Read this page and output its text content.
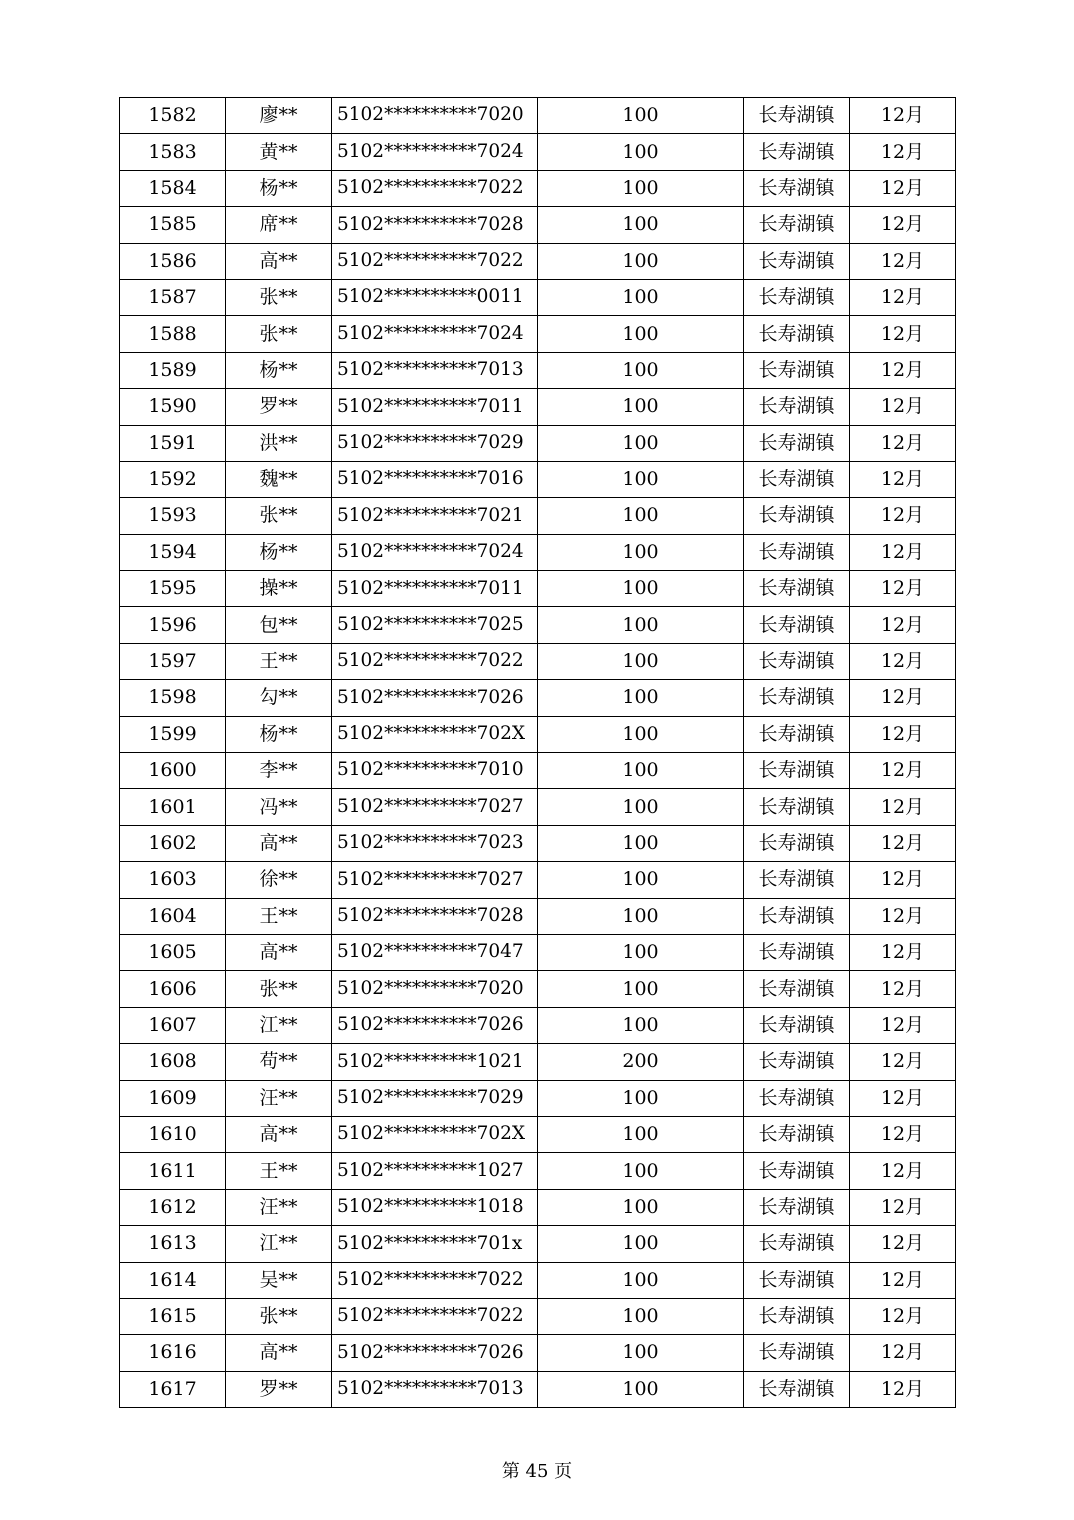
1582	廖**	5102**********7020	100	长寿湖镇	12月
1583	黄**	5102**********7024	100	长寿湖镇	12月
1584	杨**	5102**********7022	100	长寿湖镇	12月
1585	席**	5102**********7028	100	长寿湖镇	12月
1586	高**	5102**********7022	100	长寿湖镇	12月
1587	张**	5102**********0011	100	长寿湖镇	12月
1588	张**	5102**********7024	100	长寿湖镇	12月
1589	杨**	5102**********7013	100	长寿湖镇	12月
1590	罗**	5102**********7011	100	长寿湖镇	12月
1591	洪**	5102**********7029	100	长寿湖镇	12月
1592	魏**	5102**********7016	100	长寿湖镇	12月
1593	张**	5102**********7021	100	长寿湖镇	12月
1594	杨**	5102**********7024	100	长寿湖镇	12月
1595	操**	5102**********7011	100	长寿湖镇	12月
1596	包**	5102**********7025	100	长寿湖镇	12月
1597	王**	5102**********7022	100	长寿湖镇	12月
1598	勾**	5102**********7026	100	长寿湖镇	12月
1599	杨**	5102**********702X	100	长寿湖镇	12月
1600	李**	5102**********7010	100	长寿湖镇	12月
1601	冯**	5102**********7027	100	长寿湖镇	12月
1602	高**	5102**********7023	100	长寿湖镇	12月
1603	徐**	5102**********7027	100	长寿湖镇	12月
1604	王**	5102**********7028	100	长寿湖镇	12月
1605	高**	5102**********7047	100	长寿湖镇	12月
1606	张**	5102**********7020	100	长寿湖镇	12月
1607	江**	5102**********7026	100	长寿湖镇	12月
1608	苟**	5102**********1021	200	长寿湖镇	12月
1609	汪**	5102**********7029	100	长寿湖镇	12月
1610	高**	5102**********702X	100	长寿湖镇	12月
1611	王**	5102**********1027	100	长寿湖镇	12月
1612	汪**	5102**********1018	100	长寿湖镇	12月
1613	江**	5102**********701x	100	长寿湖镇	12月
1614	吴**	5102**********7022	100	长寿湖镇	12月
1615	张**	5102**********7022	100	长寿湖镇	12月
1616	高**	5102**********7026	100	长寿湖镇	12月
1617	罗**	5102**********7013	100	长寿湖镇	12月
第 45 页
